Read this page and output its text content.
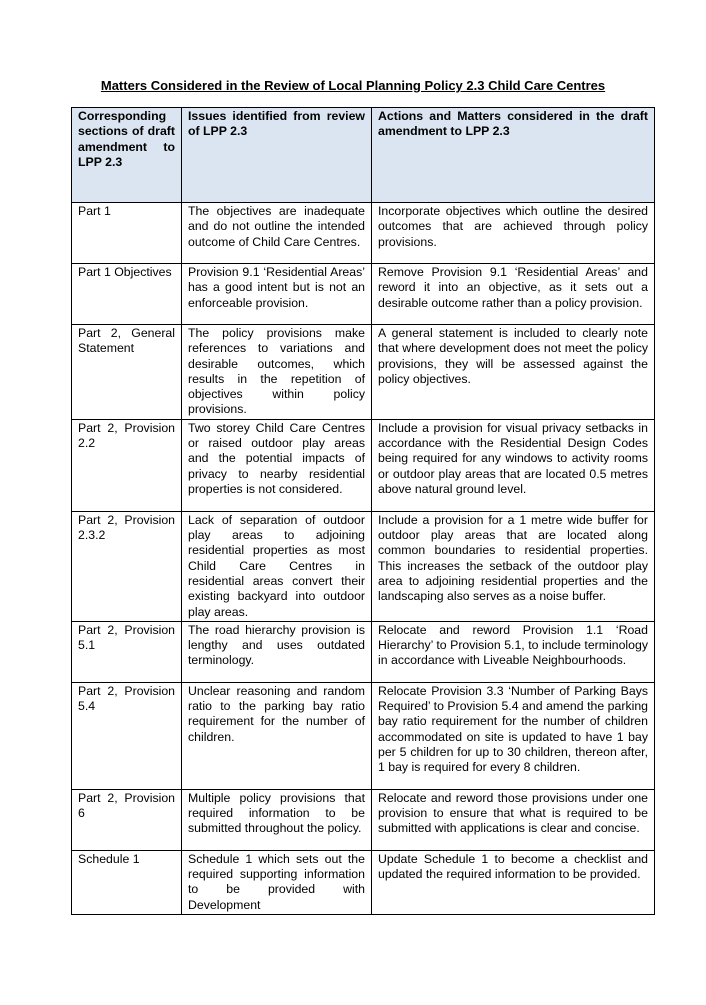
Matters Considered in the Review of Local Planning Policy 2.3 Child Care Centres
Corresponding sections of draft amendment to LPP 2.3	Issues identified from review of LPP 2.3	Actions and Matters considered in the draft amendment to LPP 2.3
Part 1	The objectives are inadequate and do not outline the intended outcome of Child Care Centres.	Incorporate objectives which outline the desired outcomes that are achieved through policy provisions.
Part 1 Objectives	Provision 9.1 ‘Residential Areas’ has a good intent but is not an enforceable provision.	Remove Provision 9.1 ‘Residential Areas’ and reword it into an objective, as it sets out a desirable outcome rather than a policy provision.
Part 2, General Statement	The policy provisions make references to variations and desirable outcomes, which results in the repetition of objectives within policy provisions.	A general statement is included to clearly note that where development does not meet the policy provisions, they will be assessed against the policy objectives.
Part 2, Provision 2.2	Two storey Child Care Centres or raised outdoor play areas and the potential impacts of privacy to nearby residential properties is not considered.	Include a provision for visual privacy setbacks in accordance with the Residential Design Codes being required for any windows to activity rooms or outdoor play areas that are located 0.5 metres above natural ground level.
Part 2, Provision 2.3.2	Lack of separation of outdoor play areas to adjoining residential properties as most Child Care Centres in residential areas convert their existing backyard into outdoor play areas.	Include a provision for a 1 metre wide buffer for outdoor play areas that are located along common boundaries to residential properties. This increases the setback of the outdoor play area to adjoining residential properties and the landscaping also serves as a noise buffer.
Part 2, Provision 5.1	The road hierarchy provision is lengthy and uses outdated terminology.	Relocate and reword Provision 1.1 ‘Road Hierarchy’ to Provision 5.1, to include terminology in accordance with Liveable Neighbourhoods.
Part 2, Provision 5.4	Unclear reasoning and random ratio to the parking bay ratio requirement for the number of children.	Relocate Provision 3.3 ‘Number of Parking Bays Required’ to Provision 5.4 and amend the parking bay ratio requirement for the number of children accommodated on site is updated to have 1 bay per 5 children for up to 30 children, thereon after, 1 bay is required for every 8 children.
Part 2, Provision 6	Multiple policy provisions that required information to be submitted throughout the policy.	Relocate and reword those provisions under one provision to ensure that what is required to be submitted with applications is clear and concise.
Schedule 1	Schedule 1 which sets out the required supporting information to be provided with Development	Update Schedule 1 to become a checklist and updated the required information to be provided.
